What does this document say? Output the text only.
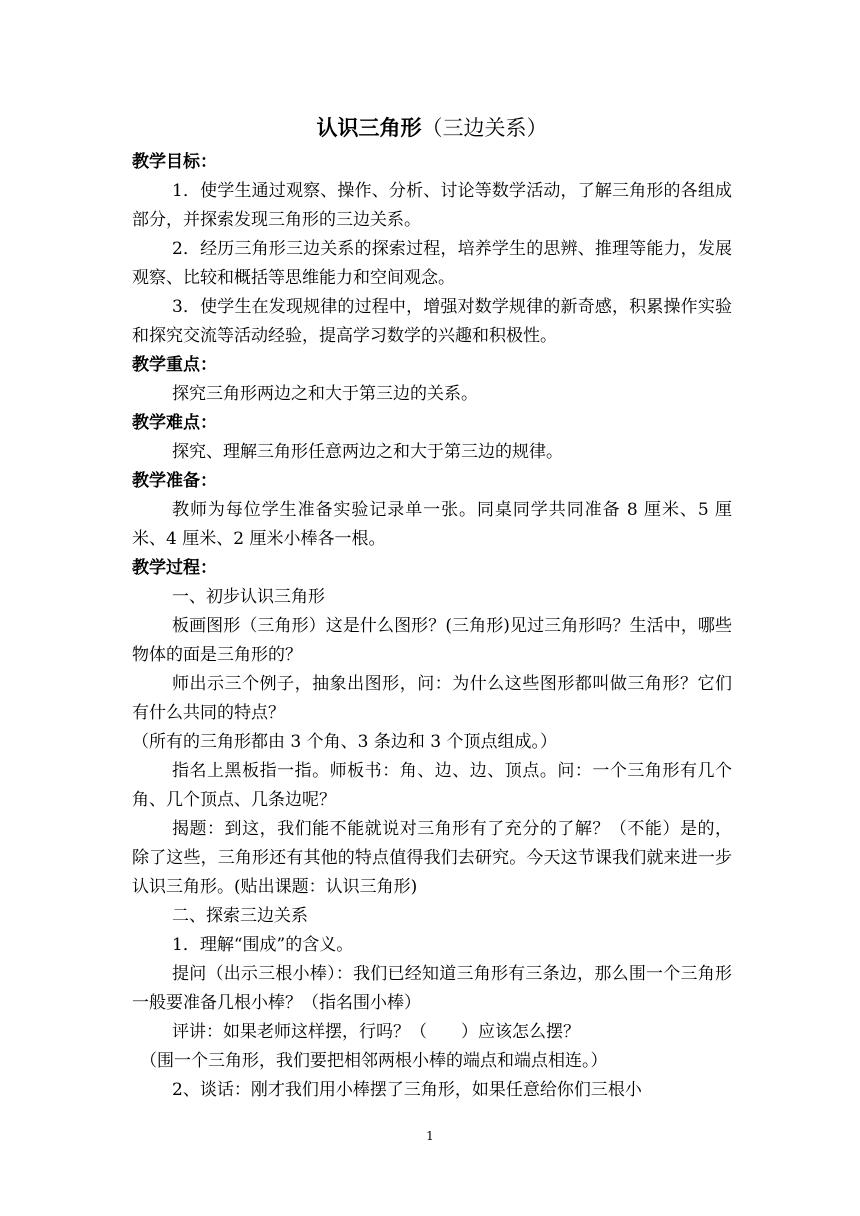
认识三角形（三边关系）

教学目标：

1．使学生通过观察、操作、分析、讨论等数学活动，了解三角形的各组成部分，并探索发现三角形的三边关系。

2．经历三角形三边关系的探索过程，培养学生的思辨、推理等能力，发展观察、比较和概括等思维能力和空间观念。

3．使学生在发现规律的过程中，增强对数学规律的新奇感，积累操作实验和探究交流等活动经验，提高学习数学的兴趣和积极性。

教学重点：

探究三角形两边之和大于第三边的关系。

教学难点：

探究、理解三角形任意两边之和大于第三边的规律。

教学准备：

教师为每位学生准备实验记录单一张。同桌同学共同准备 8 厘米、5 厘米、4 厘米、2 厘米小棒各一根。

教学过程：

一、初步认识三角形

板画图形（三角形）这是什么图形？(三角形)见过三角形吗？生活中，哪些物体的面是三角形的？

师出示三个例子，抽象出图形，问：为什么这些图形都叫做三角形？它们有什么共同的特点？

（所有的三角形都由 3 个角、3 条边和 3 个顶点组成。）

指名上黑板指一指。师板书：角、边、边、顶点。问：一个三角形有几个角、几个顶点、几条边呢？

揭题：到这，我们能不能就说对三角形有了充分的了解？（不能）是的，除了这些，三角形还有其他的特点值得我们去研究。今天这节课我们就来进一步认识三角形。(贴出课题：认识三角形)

二、探索三边关系

1．理解“围成”的含义。

提问（出示三根小棒）：我们已经知道三角形有三条边，那么围一个三角形一般要准备几根小棒？（指名围小棒）

评讲：如果老师这样摆，行吗？（　　）应该怎么摆？

（围一个三角形，我们要把相邻两根小棒的端点和端点相连。）

2、谈话：刚才我们用小棒摆了三角形，如果任意给你们三根小

1
